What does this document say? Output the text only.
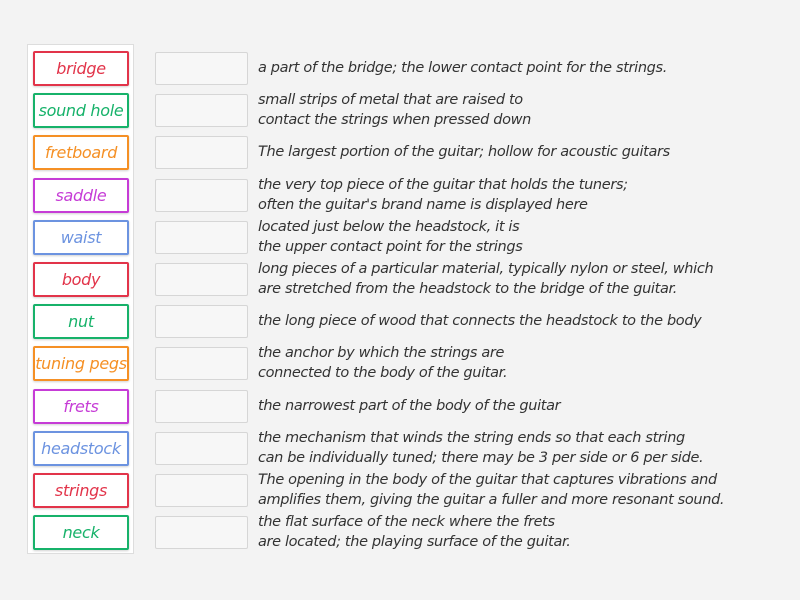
bridge
sound hole
fretboard
saddle
waist
body
nut
tuning pegs
frets
headstock
strings
neck
a part of the bridge; the lower contact point for the strings.
small strips of metal that are raised to
contact the strings when pressed down
The largest portion of the guitar; hollow for acoustic guitars
the very top piece of the guitar that holds the tuners;
often the guitar's brand name is displayed here
located just below the headstock, it is
the upper contact point for the strings
long pieces of a particular material, typically nylon or steel, which
are stretched from the headstock to the bridge of the guitar.
the long piece of wood that connects the headstock to the body
the anchor by which the strings are
connected to the body of the guitar.
the narrowest part of the body of the guitar
the mechanism that winds the string ends so that each string
can be individually tuned; there may be 3 per side or 6 per side.
The opening in the body of the guitar that captures vibrations and
amplifies them, giving the guitar a fuller and more resonant sound.
the flat surface of the neck where the frets
are located; the playing surface of the guitar.
